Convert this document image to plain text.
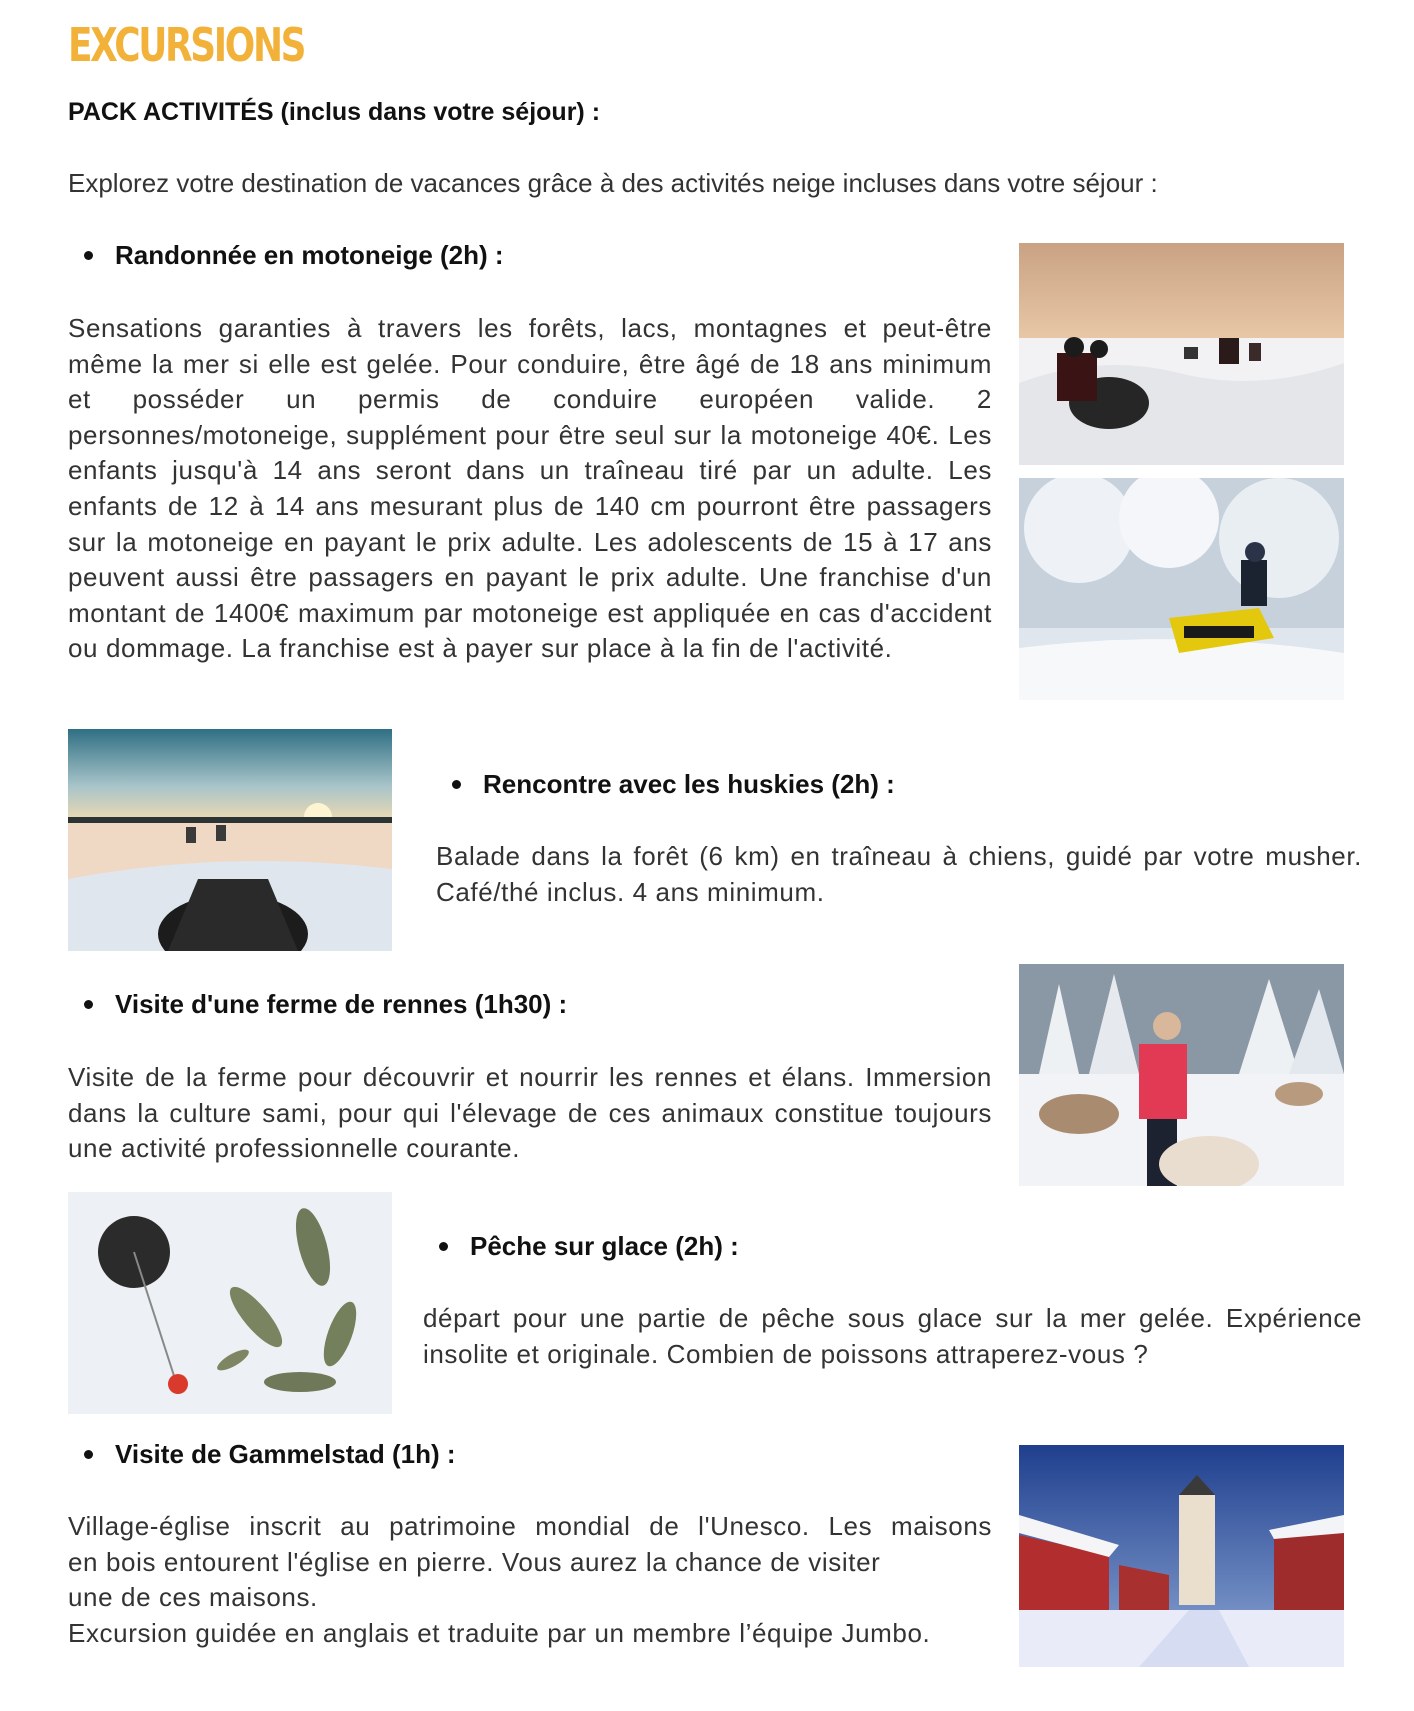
EXCURSIONS
PACK ACTIVITÉS (inclus dans votre séjour) :
Explorez votre destination de vacances grâce à des activités neige incluses dans votre séjour :
Randonnée en motoneige (2h) :
Sensations garanties à travers les forêts, lacs, montagnes et peut-être même la mer si elle est gelée. Pour conduire, être âgé de 18 ans minimum et posséder un permis de conduire européen valide. 2 personnes/motoneige, supplément pour être seul sur la motoneige 40€. Les enfants jusqu'à 14 ans seront dans un traîneau tiré par un adulte. Les enfants de 12 à 14 ans mesurant plus de 140 cm pourront être passagers sur la motoneige en payant le prix adulte. Les adolescents de 15 à 17 ans peuvent aussi être passagers en payant le prix adulte. Une franchise d'un montant de 1400€ maximum par motoneige est appliquée en cas d'accident ou dommage. La franchise est à payer sur place à la fin de l'activité.
Rencontre avec les huskies (2h) :
Balade dans la forêt (6 km) en traîneau à chiens, guidé par votre musher. Café/thé inclus. 4 ans minimum.
Visite d'une ferme de rennes (1h30) :
Visite de la ferme pour découvrir et nourrir les rennes et élans. Immersion dans la culture sami, pour qui l'élevage de ces animaux constitue toujours une activité professionnelle courante.
Pêche sur glace (2h) :
départ pour une partie de pêche sous glace sur la mer gelée. Expérience insolite et originale. Combien de poissons attraperez-vous ?
Visite de Gammelstad (1h) :
Village-église inscrit au patrimoine mondial de l'Unesco. Les maisons
en bois entourent l'église en pierre. Vous aurez la chance de visiter
une de ces maisons.
Excursion guidée en anglais et traduite par un membre l’équipe Jumbo.
